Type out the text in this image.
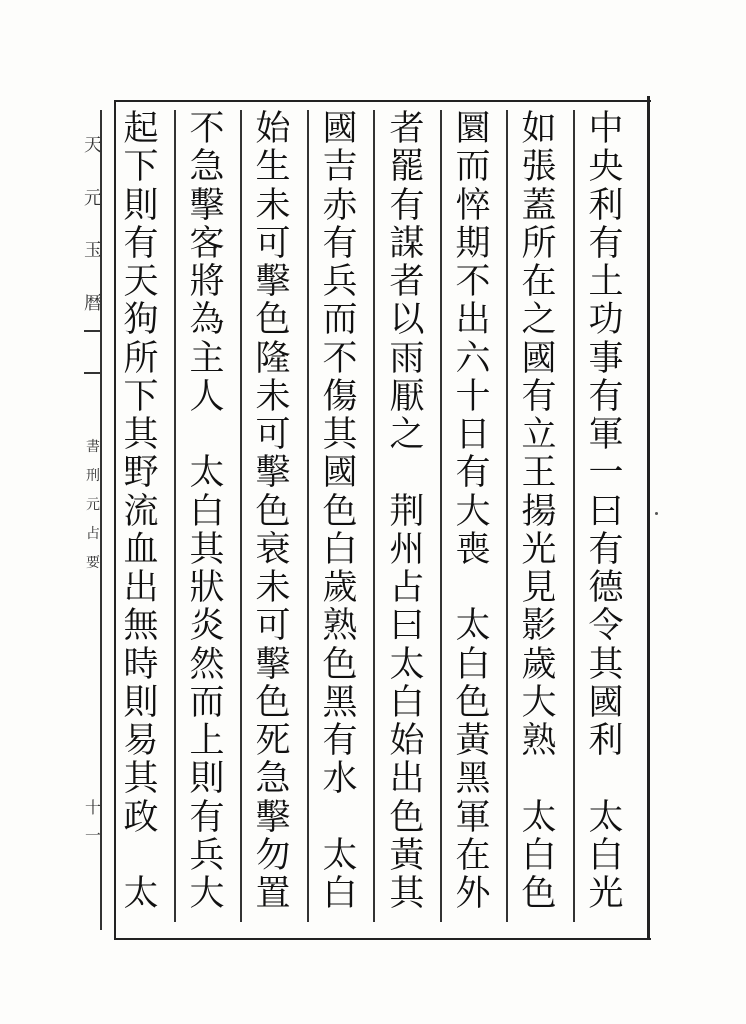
天
元
玉
暦
書
刑
元
占
要
十
一
中
央
利
有
土
功
事
有
軍
一
曰
有
德
令
其
國
利
太
白
光
如
張
蓋
所
在
之
國
有
立
王
揚
光
見
影
歲
大
熟
太
白
色
圜
而
悴
期
不
出
六
十
日
有
大
喪
太
白
色
黃
黑
軍
在
外
者
罷
有
謀
者
以
雨
厭
之
荆
州
占
曰
太
白
始
出
色
黃
其
國
吉
赤
有
兵
而
不
傷
其
國
色
白
歲
熟
色
黑
有
水
太
白
始
生
未
可
擊
色
隆
未
可
擊
色
衰
未
可
擊
色
死
急
擊
勿
置
不
急
擊
客
將
為
主
人
太
白
其
狀
炎
然
而
上
則
有
兵
大
起
下
則
有
天
狗
所
下
其
野
流
血
出
無
時
則
易
其
政
太
